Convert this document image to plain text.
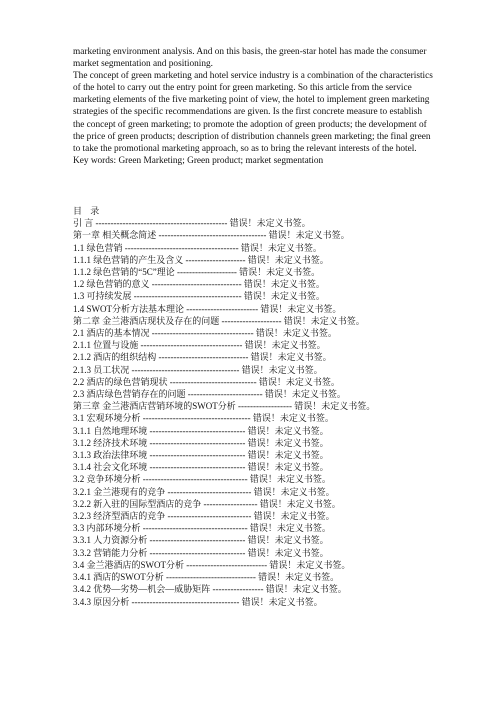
marketing environment analysis. And on this basis, the green-star hotel has made the consumer market segmentation and positioning.

The concept of green marketing and hotel service industry is a combination of the characteristics of the hotel to carry out the entry point for green marketing. So this article from the service marketing elements of the five marketing point of view, the hotel to implement green marketing strategies of the specific recommendations are given. Is the first concrete measure to establish the concept of green marketing; to promote the adoption of green products; the development of the price of green products; description of distribution channels green marketing; the final green to take the promotional marketing approach, so as to bring the relevant interests of the hotel.

Key words: Green Marketing; Green product; market segmentation

目 录
引 言 -------------------------------------------- 错误！未定义书签。
第一章 相关概念简述 ------------------------------------ 错误！未定义书签。
1.1 绿色营销 -------------------------------------- 错误！未定义书签。
1.1.1 绿色营销的产生及含义 -------------------- 错误！未定义书签。
1.1.2 绿色营销的“5C”理论 -------------------- 错误！未定义书签。
1.2 绿色营销的意义 ------------------------------ 错误！未定义书签。
1.3 可持续发展 ------------------------------------ 错误！未定义书签。
1.4 SWOT分析方法基本理论 ------------------------ 错误！未定义书签。
第二章 金兰港酒店现状及存在的问题 -------------------- 错误！未定义书签。
2.1 酒店的基本情况 ---------------------------------- 错误！未定义书签。
2.1.1 位置与设施 ---------------------------------- 错误！未定义书签。
2.1.2 酒店的组织结构 ------------------------------ 错误！未定义书签。
2.1.3 员工状况 ------------------------------------ 错误！未定义书签。
2.2 酒店的绿色营销现状 ----------------------------- 错误！未定义书签。
2.3 酒店绿色营销存在的问题 ------------------------- 错误！未定义书签。
第三章 金兰港酒店营销环境的SWOT分析 ------------------ 错误！未定义书签。
3.1 宏观环境分析 ------------------------------------ 错误！未定义书签。
3.1.1 自然地理环境 -------------------------------- 错误！未定义书签。
3.1.2 经济技术环境 -------------------------------- 错误！未定义书签。
3.1.3 政治法律环境 -------------------------------- 错误！未定义书签。
3.1.4 社会文化环境 -------------------------------- 错误！未定义书签。
3.2 竞争环境分析 ----------------------------------- 错误！未定义书签。
3.2.1 金兰港现有的竞争 ---------------------------- 错误！未定义书签。
3.2.2 新入驻的国际型酒店的竞争 ------------------ 错误！未定义书签。
3.2.3 经济型酒店的竞争 ---------------------------- 错误！未定义书签。
3.3 内部环境分析 ----------------------------------- 错误！未定义书签。
3.3.1 人力资源分析 -------------------------------- 错误！未定义书签。
3.3.2 营销能力分析 -------------------------------- 错误！未定义书签。
3.4 金兰港酒店的SWOT分析 --------------------------- 错误！未定义书签。
3.4.1 酒店的SWOT分析 ------------------------------ 错误！未定义书签。
3.4.2 优势—劣势—机会—威胁矩阵 ----------------- 错误！未定义书签。
3.4.3 原因分析 ------------------------------------ 错误！未定义书签。
